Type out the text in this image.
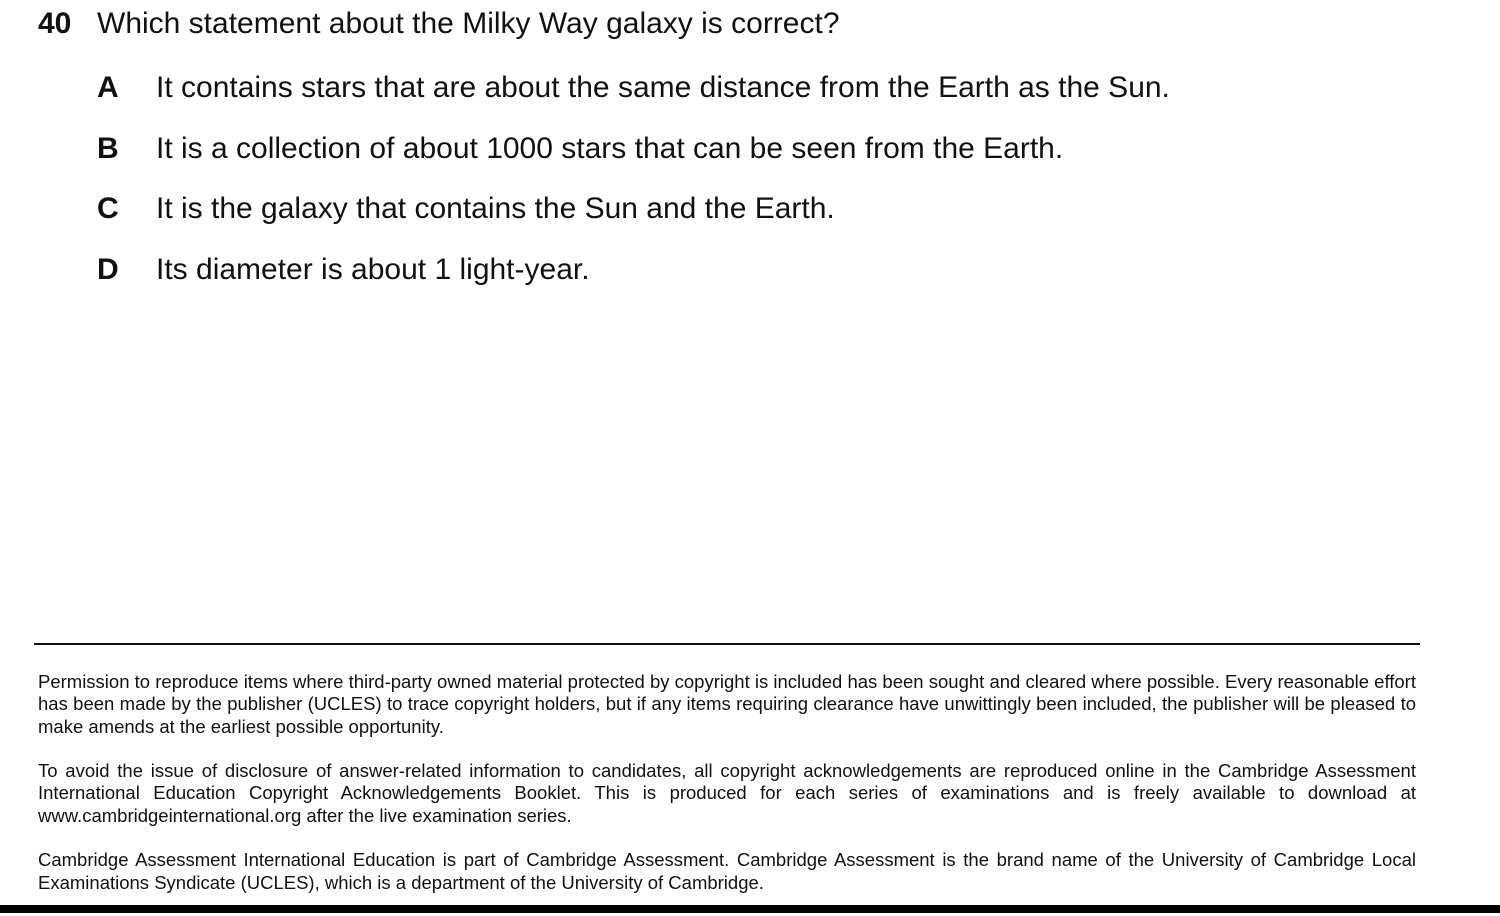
40 Which statement about the Milky Way galaxy is correct?
A	It contains stars that are about the same distance from the Earth as the Sun.
B	It is a collection of about 1000 stars that can be seen from the Earth.
C	It is the galaxy that contains the Sun and the Earth.
D	Its diameter is about 1 light-year.

Permission to reproduce items where third-party owned material protected by copyright is included has been sought and cleared where possible. Every reasonable effort has been made by the publisher (UCLES) to trace copyright holders, but if any items requiring clearance have unwittingly been included, the publisher will be pleased to make amends at the earliest possible opportunity.

To avoid the issue of disclosure of answer-related information to candidates, all copyright acknowledgements are reproduced online in the Cambridge Assessment International Education Copyright Acknowledgements Booklet. This is produced for each series of examinations and is freely available to download at www.cambridgeinternational.org after the live examination series.

Cambridge Assessment International Education is part of Cambridge Assessment. Cambridge Assessment is the brand name of the University of Cambridge Local Examinations Syndicate (UCLES), which is a department of the University of Cambridge.
